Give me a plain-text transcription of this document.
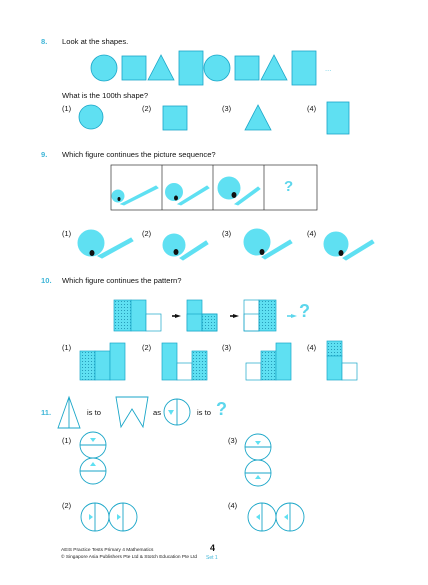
8. Look at the shapes.
...
What is the 100th shape?
(1)	(2)	(3)	(4)
9. Which figure continues the picture sequence?
?
(1)	(2)	(3)	(4)
10. Which figure continues the pattern?
?
(1)	(2)	(3)	(4)
11.	is to	as	is to ?
(1)	(3)
(2)	(4)
AEIS Practice Tests Primary 4 Mathematics
© Singapore Asia Publishers Pte Ltd & Stotch Education Pte Ltd
4
Set 1
